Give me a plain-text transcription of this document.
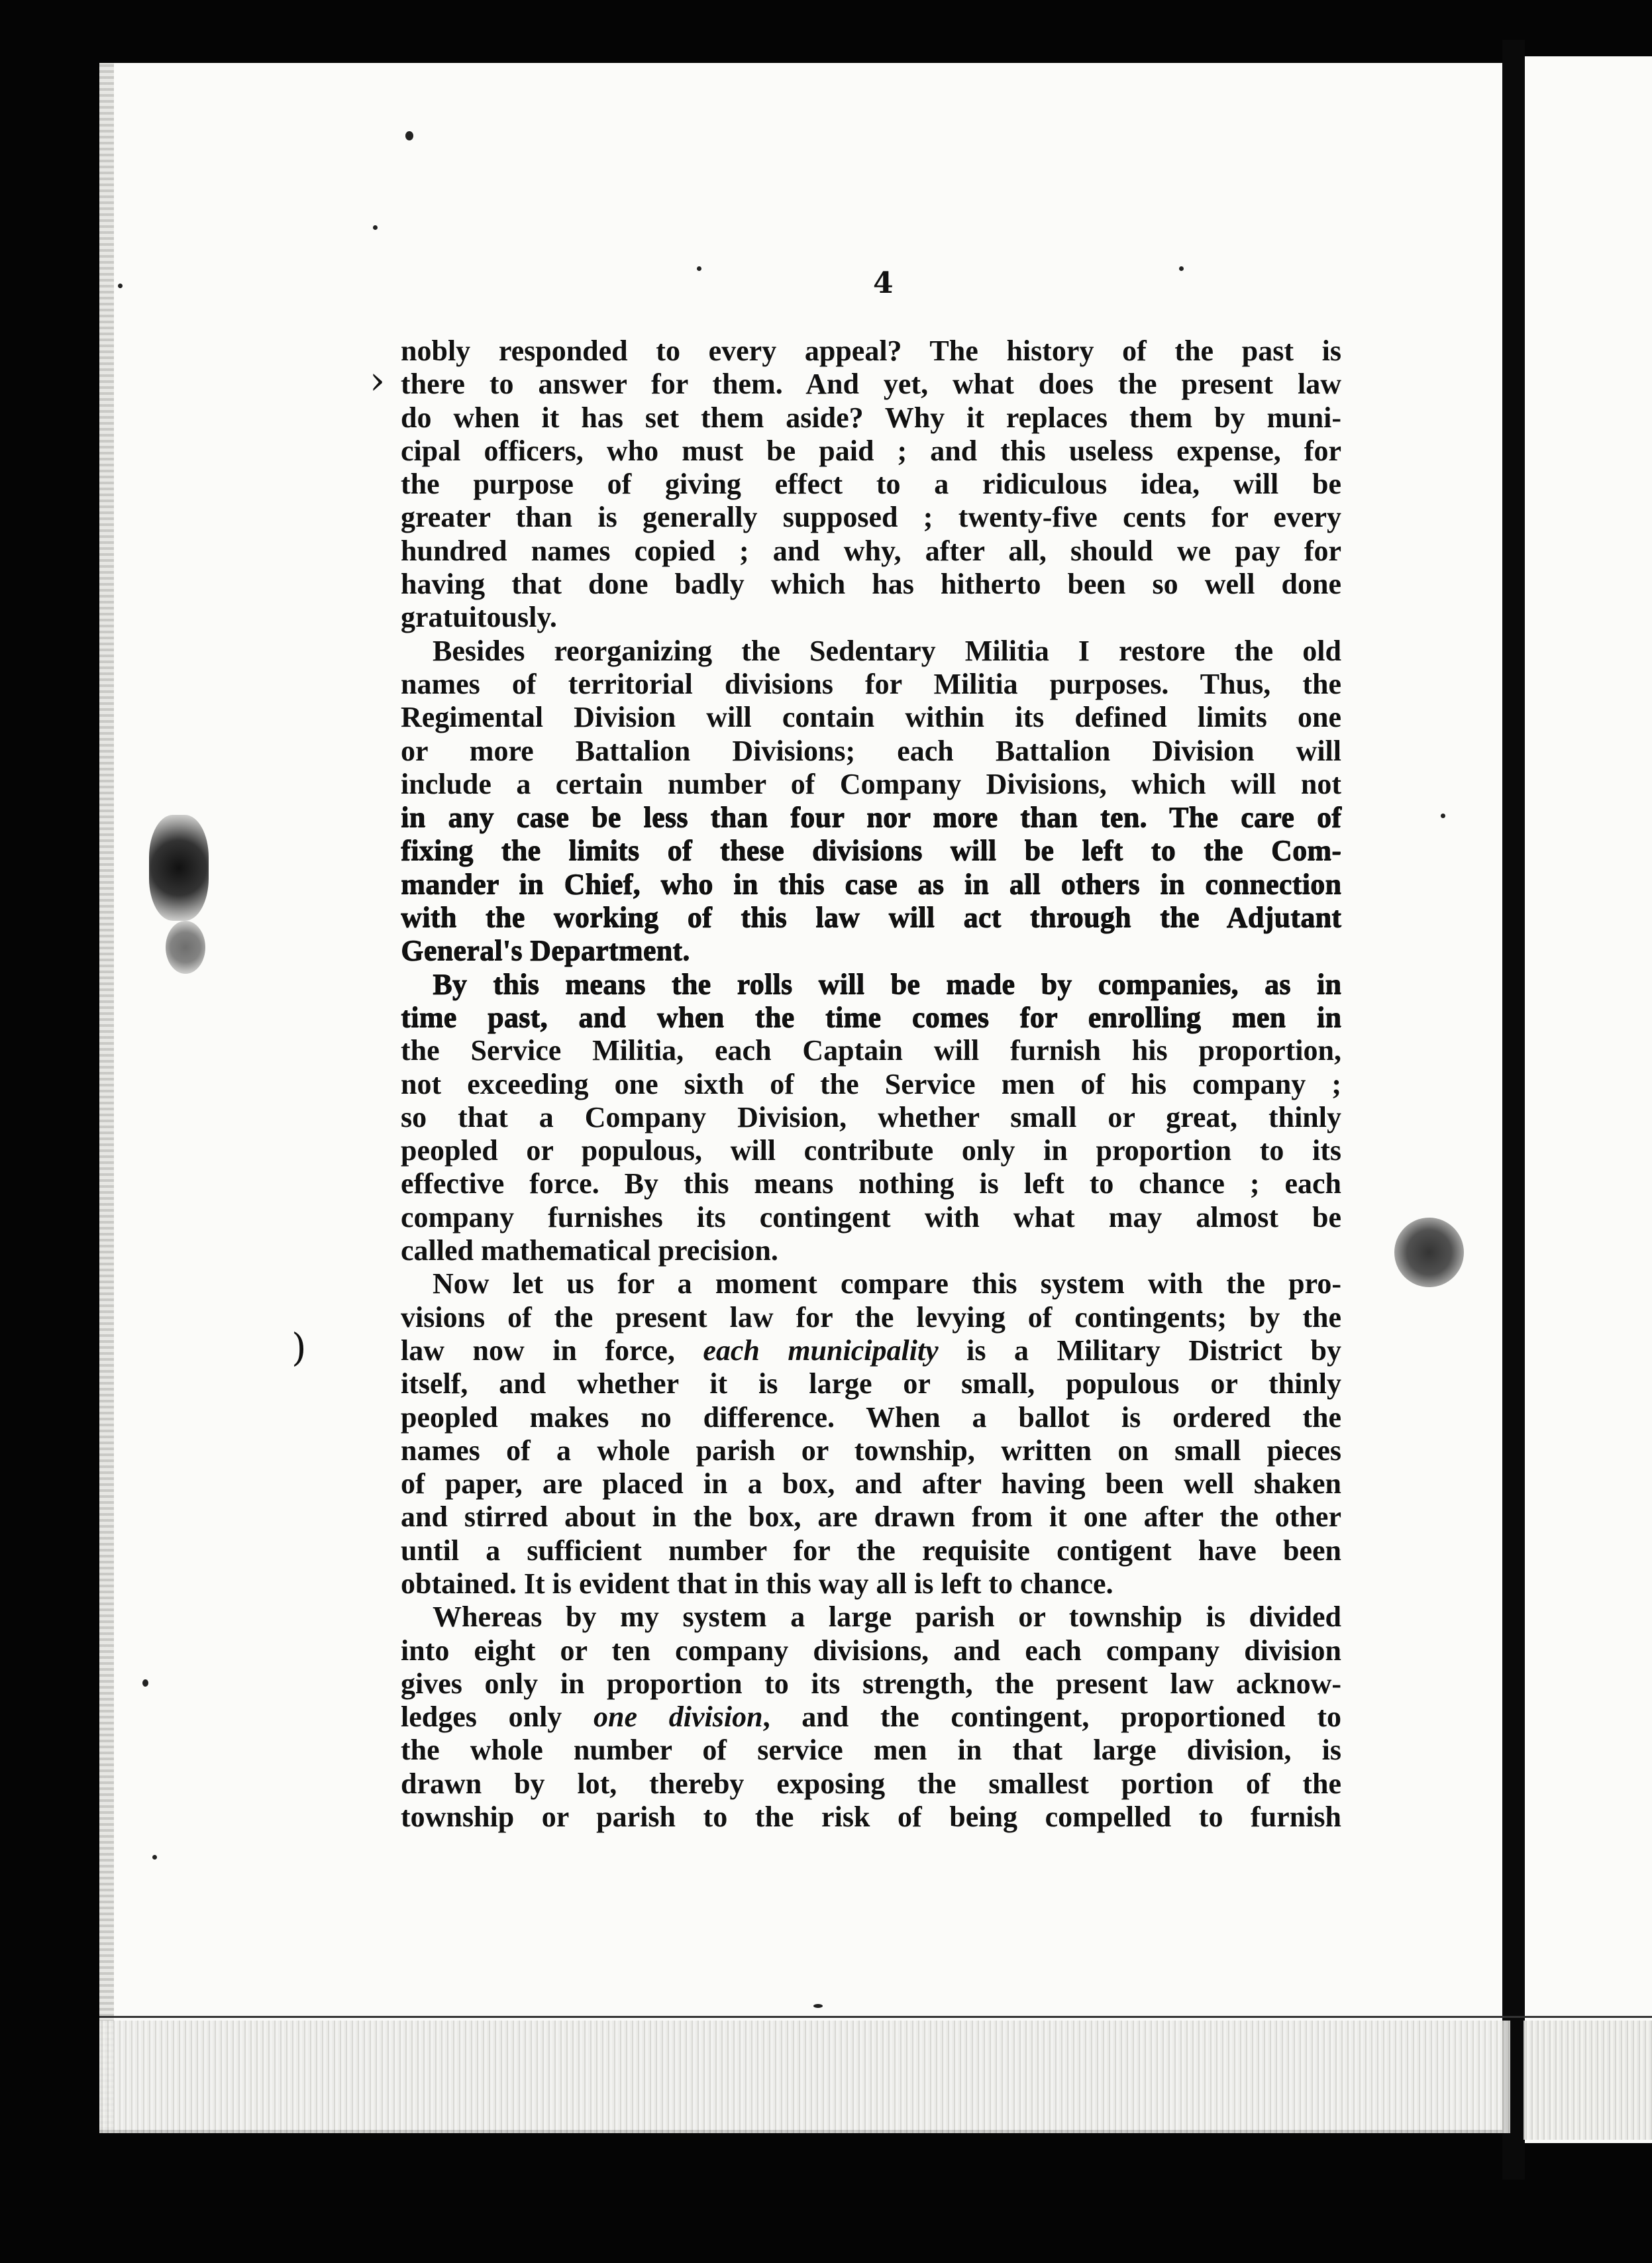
›
)
4
nobly responded to every appeal? The history of the past is
there to answer for them. And yet, what does the present law
do when it has set them aside? Why it replaces them by muni-
cipal officers, who must be paid ; and this useless expense, for
the purpose of giving effect to a ridiculous idea, will be
greater than is generally supposed ; twenty-five cents for every
hundred names copied ; and why, after all, should we pay for
having that done badly which has hitherto been so well done
gratuitously.
Besides reorganizing the Sedentary Militia I restore the old
names of territorial divisions for Militia purposes. Thus, the
Regimental Division will contain within its defined limits one
or more Battalion Divisions; each Battalion Division will
include a certain number of Company Divisions, which will not
in any case be less than four nor more than ten. The care of
fixing the limits of these divisions will be left to the Com-
mander in Chief, who in this case as in all others in connection
with the working of this law will act through the Adjutant
General's Department.
By this means the rolls will be made by companies, as in
time past, and when the time comes for enrolling men in
the Service Militia, each Captain will furnish his proportion,
not exceeding one sixth of the Service men of his company ;
so that a Company Division, whether small or great, thinly
peopled or populous, will contribute only in proportion to its
effective force. By this means nothing is left to chance ; each
company furnishes its contingent with what may almost be
called mathematical precision.
Now let us for a moment compare this system with the pro-
visions of the present law for the levying of contingents; by the
law now in force, each municipality is a Military District by
itself, and whether it is large or small, populous or thinly
peopled makes no difference. When a ballot is ordered the
names of a whole parish or township, written on small pieces
of paper, are placed in a box, and after having been well shaken
and stirred about in the box, are drawn from it one after the other
until a sufficient number for the requisite contigent have been
obtained. It is evident that in this way all is left to chance.
Whereas by my system a large parish or township is divided
into eight or ten company divisions, and each company division
gives only in proportion to its strength, the present law acknow-
ledges only one division, and the contingent, proportioned to
the whole number of service men in that large division, is
drawn by lot, thereby exposing the smallest portion of the
township or parish to the risk of being compelled to furnish
